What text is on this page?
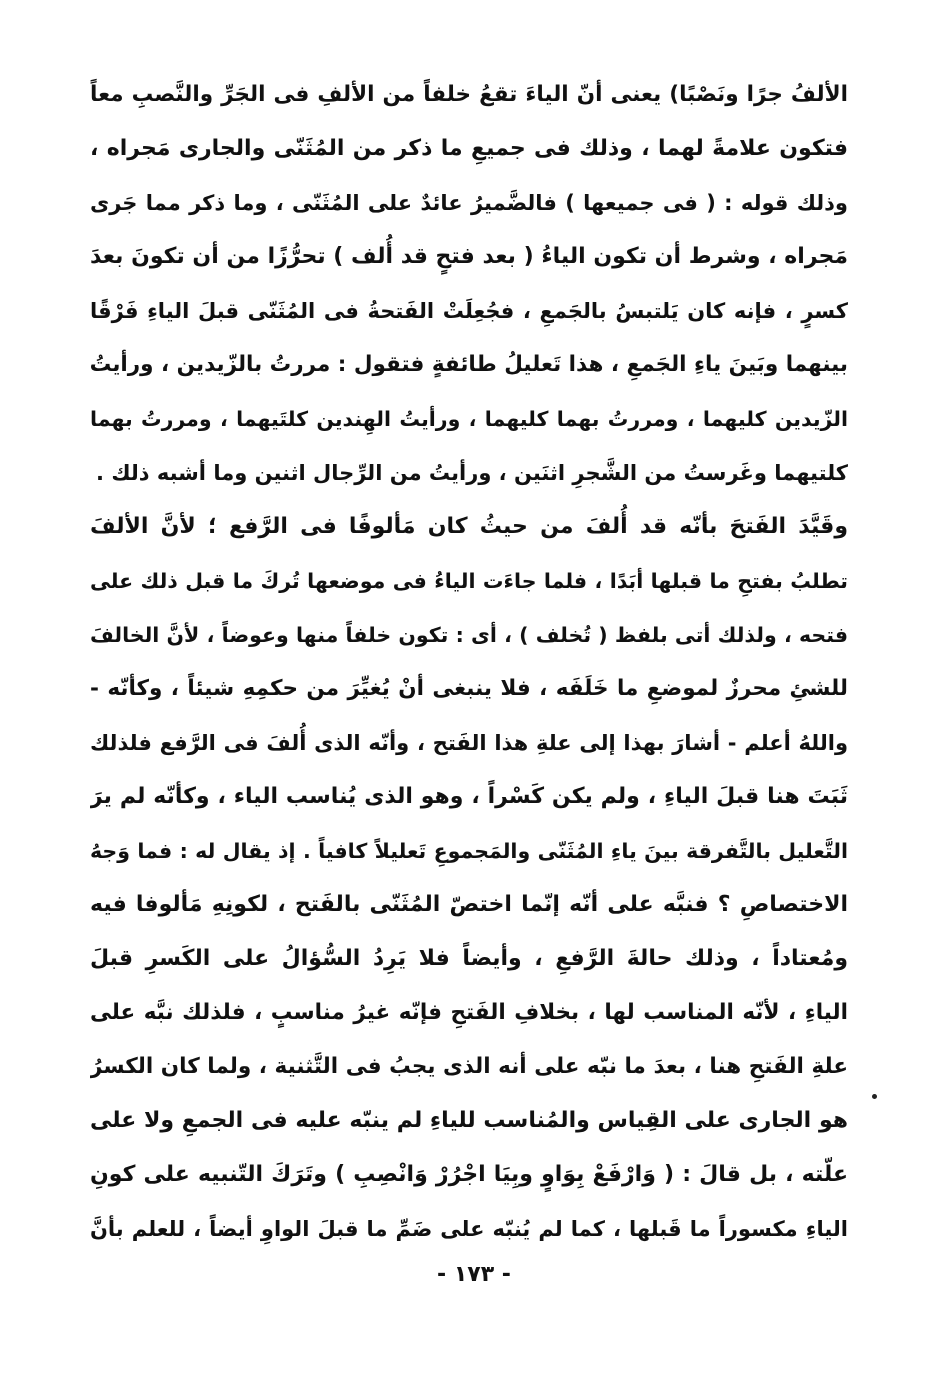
الألفُ جرًا ونَصْبًا) يعنى أنّ الياءَ تقعُ خلفاً من الألفِ فى الجَرِّ والنَّصبِ معاً
فتكون علامةً لهما ، وذلك فى جميعِ ما ذكر من المُثَنّى والجارى مَجراه ،
وذلك قوله : ( فى جميعها ) فالضَّميرُ عائدٌ على المُثَنّى ، وما ذكر مما جَرى
مَجراه ، وشرط أن تكون الياءُ ( بعد فتحٍ قد أُلف ) تحرُّزًا من أن تكونَ بعدَ
كسرٍ ، فإنه كان يَلتبسُ بالجَمعِ ، فجُعِلَتْ الفَتحةُ فى المُثَنّى قبلَ الياءِ فَرْقًا
بينهما وبَينَ ياءِ الجَمعِ ، هذا تَعليلُ طائفةٍ فتقول : مررتُ بالزّيدين ، ورأيتُ
الزّيدين كليهما ، ومررتُ بهما كليهما ، ورأيتُ الهِندين كلتَيهما ، ومررتُ بهما
كلتيهما وغَرستُ من الشَّجرِ اثنَين ، ورأيتُ من الرِّجال اثنين وما أشبه ذلك .
وقَيَّدَ الفَتحَ بأنّه قد أُلفَ من حيثُ كان مَألوفًا فى الرَّفع ؛ لأنَّ الألفَ
تطلبُ بفتحِ ما قبلها أبَدًا ، فلما جاءَت الياءُ فى موضعها تُركَ ما قبل ذلك على
فتحه ، ولذلك أتى بلفظ ( تُخلف ) ، أى : تكون خلفاً منها وعوضاً ، لأنَّ الخالفَ
للشئِ محرزٌ لموضعِ ما خَلَفَه ، فلا ينبغى أنْ يُغيِّرَ من حكمِهِ شيئاً ، وكأنّه -
واللهُ أعلم - أشارَ بهذا إلى علةِ هذا الفَتح ، وأنّه الذى أُلفَ فى الرَّفع فلذلك
ثَبَتَ هنا قبلَ الياءِ ، ولم يكن كَسْراً ، وهو الذى يُناسب الياء ، وكأنّه لم يرَ
التَّعليل بالتَّفرقة بينَ ياءِ المُثَنّى والمَجموعِ تَعليلاً كافياً . إذ يقال له : فما وَجهُ
الاختصاصِ ؟ فنبَّه على أنّه إنّما اختصّ المُثَنّى بالفَتح ، لكونِهِ مَألوفا فيه
ومُعتاداً ، وذلك حالةَ الرَّفعِ ، وأيضاً فلا يَرِدُ السُّؤالُ على الكَسرِ قبلَ
الياءِ ، لأنّه المناسب لها ، بخلافِ الفَتحِ فإنّه غيرُ مناسبٍ ، فلذلك نبَّه على
علةِ الفَتحِ هنا ، بعدَ ما نبّه على أنه الذى يجبُ فى التَّثنية ، ولما كان الكسرُ
هو الجارى على القِياس والمُناسب للياءِ لم ينبّه عليه فى الجمعِ ولا على
علّته ، بل قالَ : ( وَارْفَعْ بِوَاوٍ وبِيَا اجْرُرْ وَانْصِبِ ) وتَرَكَ التّنبيه على كونِ
الياءِ مكسوراً ما قَبلها ، كما لم يُنبّه على ضَمِّ ما قبلَ الواوِ أيضاً ، للعلم بأنَّ
- ١٧٣ -
